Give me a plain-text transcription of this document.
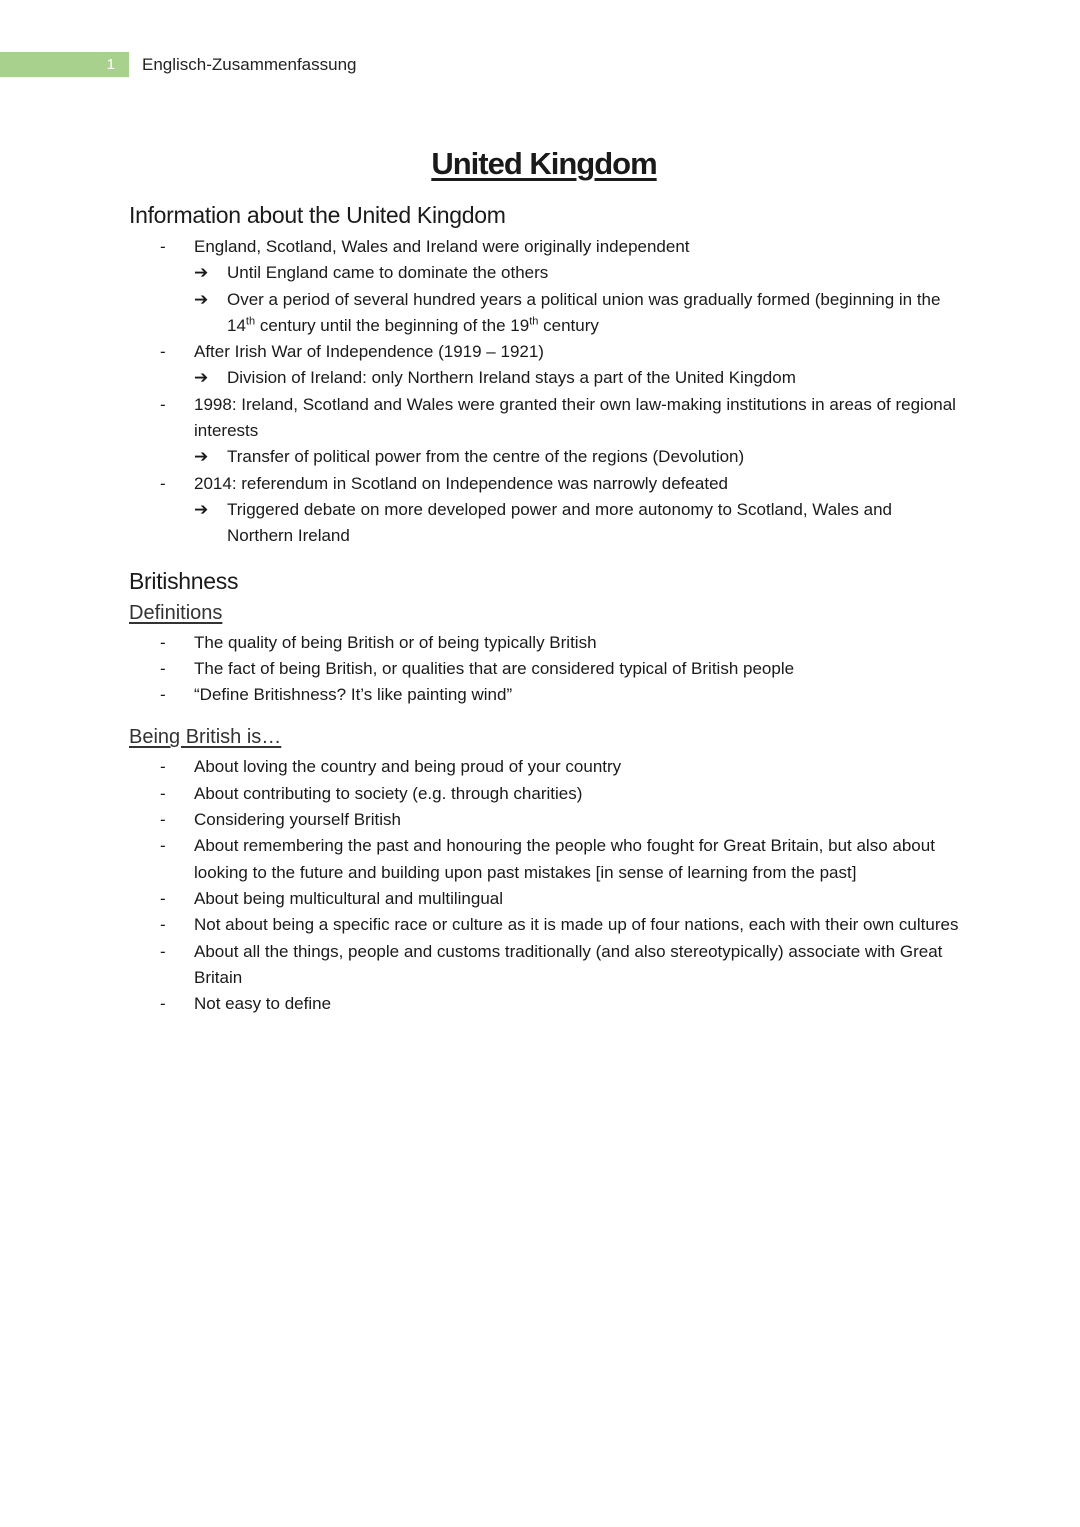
1	Englisch-Zusammenfassung
United Kingdom
Information about the United Kingdom
- England, Scotland, Wales and Ireland were originally independent
➔ Until England came to dominate the others
➔ Over a period of several hundred years a political union was gradually formed (beginning in the 14th century until the beginning of the 19th century
- After Irish War of Independence (1919 – 1921)
➔ Division of Ireland: only Northern Ireland stays a part of the United Kingdom
- 1998: Ireland, Scotland and Wales were granted their own law-making institutions in areas of regional interests
➔ Transfer of political power from the centre of the regions (Devolution)
- 2014: referendum in Scotland on Independence was narrowly defeated
➔ Triggered debate on more developed power and more autonomy to Scotland, Wales and Northern Ireland
Britishness
Definitions
- The quality of being British or of being typically British
- The fact of being British, or qualities that are considered typical of British people
- “Define Britishness? It’s like painting wind”
Being British is…
- About loving the country and being proud of your country
- About contributing to society (e.g. through charities)
- Considering yourself British
- About remembering the past and honouring the people who fought for Great Britain, but also about looking to the future and building upon past mistakes [in sense of learning from the past]
- About being multicultural and multilingual
- Not about being a specific race or culture as it is made up of four nations, each with their own cultures
- About all the things, people and customs traditionally (and also stereotypically) associate with Great Britain
- Not easy to define
